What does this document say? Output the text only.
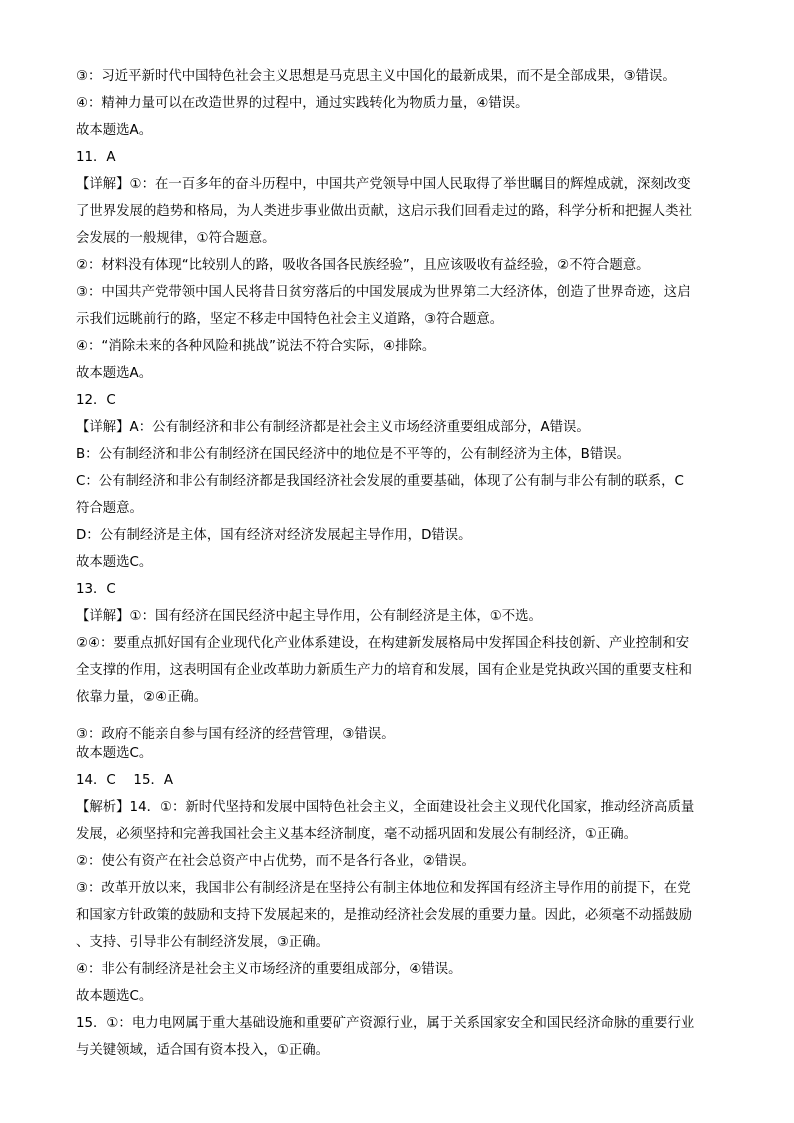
③：习近平新时代中国特色社会主义思想是马克思主义中国化的最新成果，而不是全部成果，③错误。
④：精神力量可以在改造世界的过程中，通过实践转化为物质力量，④错误。
故本题选A。
11．A
【详解】①：在一百多年的奋斗历程中，中国共产党领导中国人民取得了举世瞩目的辉煌成就，深刻改变
了世界发展的趋势和格局，为人类进步事业做出贡献，这启示我们回看走过的路，科学分析和把握人类社
会发展的一般规律，①符合题意。
②：材料没有体现“比较别人的路，吸收各国各民族经验”，且应该吸收有益经验，②不符合题意。
③：中国共产党带领中国人民将昔日贫穷落后的中国发展成为世界第二大经济体，创造了世界奇迹，这启
示我们远眺前行的路，坚定不移走中国特色社会主义道路，③符合题意。
④：“消除未来的各种风险和挑战”说法不符合实际，④排除。
故本题选A。
12．C
【详解】A：公有制经济和非公有制经济都是社会主义市场经济重要组成部分，A错误。
B：公有制经济和非公有制经济在国民经济中的地位是不平等的，公有制经济为主体，B错误。
C：公有制经济和非公有制经济都是我国经济社会发展的重要基础，体现了公有制与非公有制的联系，C
符合题意。
D：公有制经济是主体，国有经济对经济发展起主导作用，D错误。
故本题选C。
13．C
【详解】①：国有经济在国民经济中起主导作用，公有制经济是主体，①不选。
②④：要重点抓好国有企业现代化产业体系建设，在构建新发展格局中发挥国企科技创新、产业控制和安
全支撑的作用，这表明国有企业改革助力新质生产力的培育和发展，国有企业是党执政兴国的重要支柱和
依靠力量，②④正确。
③：政府不能亲自参与国有经济的经营管理，③错误。
故本题选C。
14．C　 15．A
【解析】14．①：新时代坚持和发展中国特色社会主义，全面建设社会主义现代化国家，推动经济高质量
发展，必须坚持和完善我国社会主义基本经济制度，毫不动摇巩固和发展公有制经济，①正确。
②：使公有资产在社会总资产中占优势，而不是各行各业，②错误。
③：改革开放以来，我国非公有制经济是在坚持公有制主体地位和发挥国有经济主导作用的前提下，在党
和国家方针政策的鼓励和支持下发展起来的，是推动经济社会发展的重要力量。因此，必须毫不动摇鼓励
、支持、引导非公有制经济发展，③正确。
④：非公有制经济是社会主义市场经济的重要组成部分，④错误。
故本题选C。
15．①：电力电网属于重大基础设施和重要矿产资源行业，属于关系国家安全和国民经济命脉的重要行业
与关键领域，适合国有资本投入，①正确。
